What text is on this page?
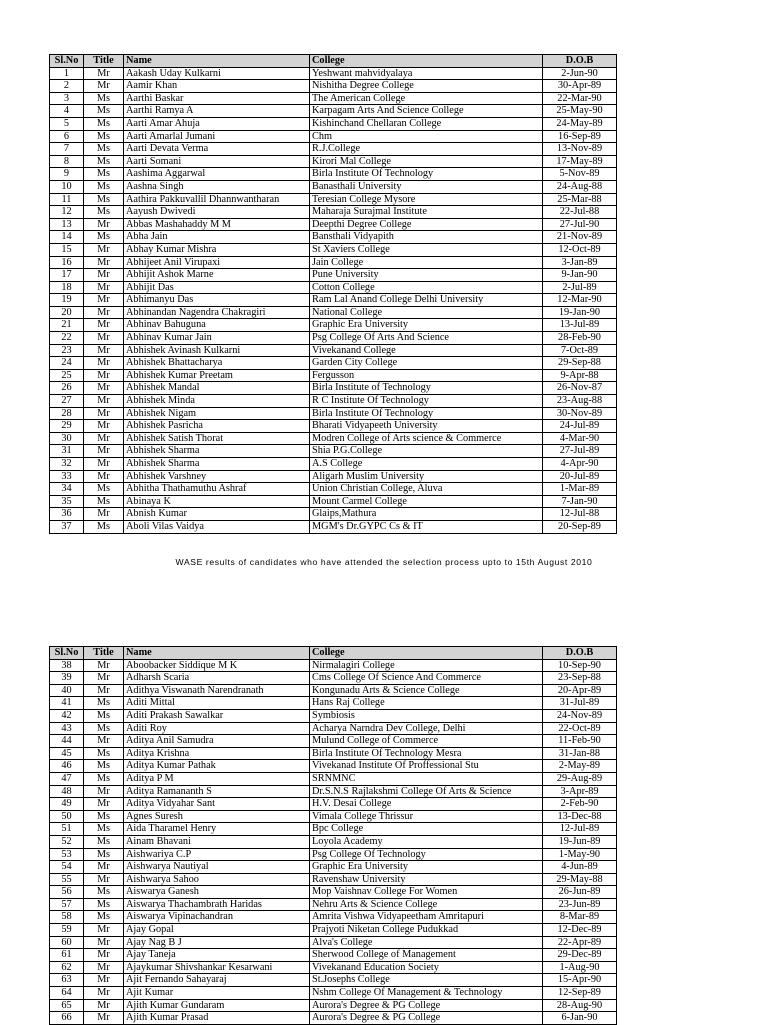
Sl.No	Title	Name	College	D.O.B
1	Mr	Aakash Uday Kulkarni	Yeshwant mahvidyalaya	2-Jun-90
2	Mr	Aamir Khan	Nishitha Degree College	30-Apr-89
3	Ms	Aarthi Baskar	The American College	22-Mar-90
4	Ms	Aarthi Ramya A	Karpagam Arts And Science College	25-May-90
5	Ms	Aarti Amar Ahuja	Kishinchand Chellaran College	24-May-89
6	Ms	Aarti Amarlal Jumani	Chm	16-Sep-89
7	Ms	Aarti Devata Verma	R.J.College	13-Nov-89
8	Ms	Aarti Somani	Kirori Mal College	17-May-89
9	Ms	Aashima Aggarwal	Birla Institute Of Technology	5-Nov-89
10	Ms	Aashna Singh	Banasthali University	24-Aug-88
11	Ms	Aathira Pakkuvallil Dhannwantharan	Teresian College Mysore	25-Mar-88
12	Ms	Aayush Dwivedi	Maharaja Surajmal Institute	22-Jul-88
13	Mr	Abbas Mashahaddy M M	Deepthi Degree College	27-Jul-90
14	Ms	Abha Jain	Bansthali Vidyapith	21-Nov-89
15	Mr	Abhay Kumar Mishra	St Xaviers College	12-Oct-89
16	Mr	Abhijeet Anil Virupaxi	Jain College	3-Jan-89
17	Mr	Abhijit Ashok Marne	Pune University	9-Jan-90
18	Mr	Abhijit Das	Cotton College	2-Jul-89
19	Mr	Abhimanyu Das	Ram Lal Anand College Delhi University	12-Mar-90
20	Mr	Abhinandan Nagendra Chakragiri	National College	19-Jan-90
21	Mr	Abhinav Bahuguna	Graphic Era University	13-Jul-89
22	Mr	Abhinav Kumar Jain	Psg College Of Arts And Science	28-Feb-90
23	Mr	Abhishek Avinash Kulkarni	Vivekanand College	7-Oct-89
24	Mr	Abhishek Bhattacharya	Garden City College	29-Sep-88
25	Mr	Abhishek Kumar Preetam	Fergusson	9-Apr-88
26	Mr	Abhishek Mandal	Birla Institute of Technology	26-Nov-87
27	Mr	Abhishek Minda	R C Institute Of Technology	23-Aug-88
28	Mr	Abhishek Nigam	Birla Institute Of Technology	30-Nov-89
29	Mr	Abhishek Pasricha	Bharati Vidyapeeth University	24-Jul-89
30	Mr	Abhishek Satish Thorat	Modren College of Arts science & Commerce	4-Mar-90
31	Mr	Abhishek Sharma	Shia P.G.College	27-Jul-89
32	Mr	Abhishek Sharma	A.S College	4-Apr-90
33	Mr	Abhishek Varshney	Aligarh Muslim University	20-Jul-89
34	Ms	Abhitha Thathamuthu Ashraf	Union Christian College, Aluva	1-Mar-89
35	Ms	Abinaya K	Mount Carmel College	7-Jan-90
36	Mr	Abnish Kumar	Glaips,Mathura	12-Jul-88
37	Ms	Aboli Vilas Vaidya	MGM's Dr.GYPC Cs & IT	20-Sep-89
WASE results of candidates who have attended the selection process upto to 15th August 2010
Sl.No	Title	Name	College	D.O.B
38	Mr	Aboobacker Siddique M K	Nirmalagiri College	10-Sep-90
39	Mr	Adharsh Scaria	Cms College Of Science And Commerce	23-Sep-88
40	Mr	Adithya Viswanath Narendranath	Kongunadu Arts & Science College	20-Apr-89
41	Ms	Aditi Mittal	Hans Raj College	31-Jul-89
42	Ms	Aditi Prakash Sawalkar	Symbiosis	24-Nov-89
43	Ms	Aditi Roy	Acharya Narndra Dev College, Delhi	22-Oct-89
44	Mr	Aditya Anil Samudra	Mulund College of Commerce	11-Feb-90
45	Ms	Aditya Krishna	Birla Institute Of Technology Mesra	31-Jan-88
46	Ms	Aditya Kumar Pathak	Vivekanad Institute Of Proffessional Stu	2-May-89
47	Ms	Aditya P M	SRNMNC	29-Aug-89
48	Mr	Aditya Ramananth S	Dr.S.N.S Rajlakshmi College Of Arts & Science	3-Apr-89
49	Mr	Aditya Vidyahar Sant	H.V. Desai College	2-Feb-90
50	Ms	Agnes Suresh	Vimala College Thrissur	13-Dec-88
51	Ms	Aida Tharamel Henry	Bpc College	12-Jul-89
52	Ms	Ainam Bhavani	Loyola Academy	19-Jun-89
53	Ms	Aishwariya C.P	Psg College Of Technology	1-May-90
54	Mr	Aishwarya Nautiyal	Graphic Era University	4-Jun-89
55	Mr	Aishwarya Sahoo	Ravenshaw University	29-May-88
56	Ms	Aiswarya Ganesh	Mop Vaishnav College For Women	26-Jun-89
57	Ms	Aiswarya Thachambrath Haridas	Nehru Arts & Science College	23-Jun-89
58	Ms	Aiswarya Vipinachandran	Amrita Vishwa Vidyapeetham Amritapuri	8-Mar-89
59	Mr	Ajay Gopal	Prajyoti Niketan College Pudukkad	12-Dec-89
60	Mr	Ajay Nag B J	Alva's College	22-Apr-89
61	Mr	Ajay Taneja	Sherwood College of Management	29-Dec-89
62	Mr	Ajaykumar Shivshankar Kesarwani	Vivekanand Education Society	1-Aug-90
63	Mr	Ajit Fernando Sahayaraj	St.Josephs College	15-Apr-90
64	Mr	Ajit Kumar	Nshm College Of Management & Technology	12-Sep-89
65	Mr	Ajith Kumar Gundaram	Aurora's Degree & PG College	28-Aug-90
66	Mr	Ajith Kumar Prasad	Aurora's Degree & PG College	6-Jan-90
